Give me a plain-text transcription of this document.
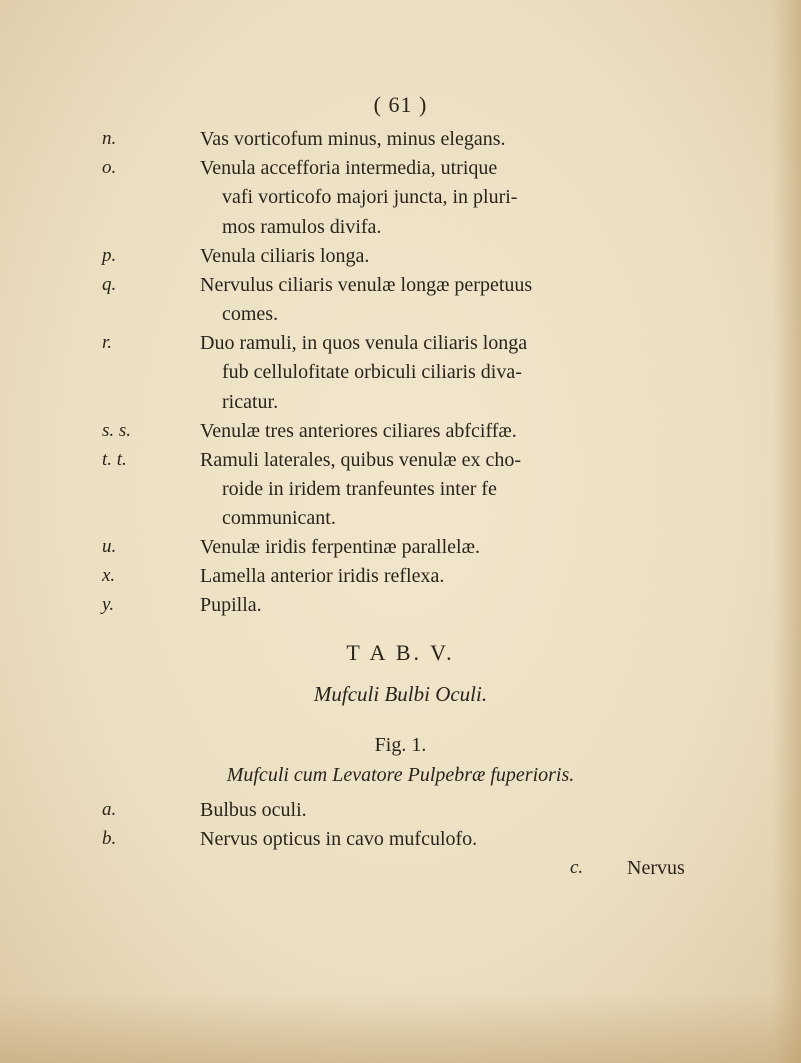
( 61 )
n.	Vas vorticofum minus, minus elegans.
o.	Venula accefforia intermedia, utrique
vafi vorticofo majori juncta, in pluri-
mos ramulos divifa.
p.	Venula ciliaris longa.
q.	Nervulus ciliaris venulæ longæ perpetuus
comes.
r.	Duo ramuli, in quos venula ciliaris longa
fub cellulofitate orbiculi ciliaris diva-
ricatur.
s. s.	Venulæ tres anteriores ciliares abfciffæ.
t. t.	Ramuli laterales, quibus venulæ ex cho-
roide in iridem tranfeuntes inter fe
communicant.
u.	Venulæ iridis ferpentinæ parallelæ.
x.	Lamella anterior iridis reflexa.
y.	Pupilla.
T A B. V.
Mufculi Bulbi Oculi.
Fig. 1.
Mufculi cum Levatore Pulpebræ fuperioris.
a.	Bulbus oculi.
b.	Nervus opticus in cavo mufculofo.
c. Nervus
